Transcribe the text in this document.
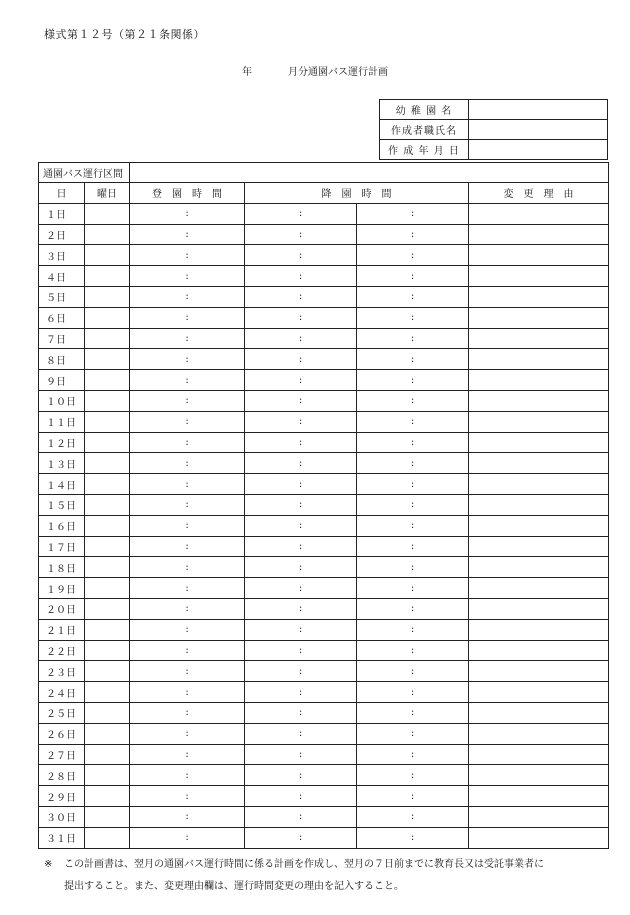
様式第１２号（第２１条関係）

年	月分通園バス運行計画

幼 稚 園 名	
作成者職氏名	
作 成 年 月 日	
通園バス運行区間					
日	曜日	登　園　時　間	降　園　時　間		変　更　理　由
１日		:	:	:	
２日		:	:	:	
３日		:	:	:	
４日		:	:	:	
５日		:	:	:	
６日		:	:	:	
７日		:	:	:	
８日		:	:	:	
９日		:	:	:	
１０日		:	:	:	
１１日		:	:	:	
１２日		:	:	:	
１３日		:	:	:	
１４日		:	:	:	
１５日		:	:	:	
１６日		:	:	:	
１７日		:	:	:	
１８日		:	:	:	
１９日		:	:	:	
２０日		:	:	:	
２１日		:	:	:	
２２日		:	:	:	
２３日		:	:	:	
２４日		:	:	:	
２５日		:	:	:	
２６日		:	:	:	
２７日		:	:	:	
２８日		:	:	:	
２９日		:	:	:	
３０日		:	:	:	
３１日		:	:	:	

※ この計画書は、翌月の通園バス運行時間に係る計画を作成し、翌月の７日前までに教育長又は受託事業者に
提出すること。また、変更理由欄は、運行時間変更の理由を記入すること。
